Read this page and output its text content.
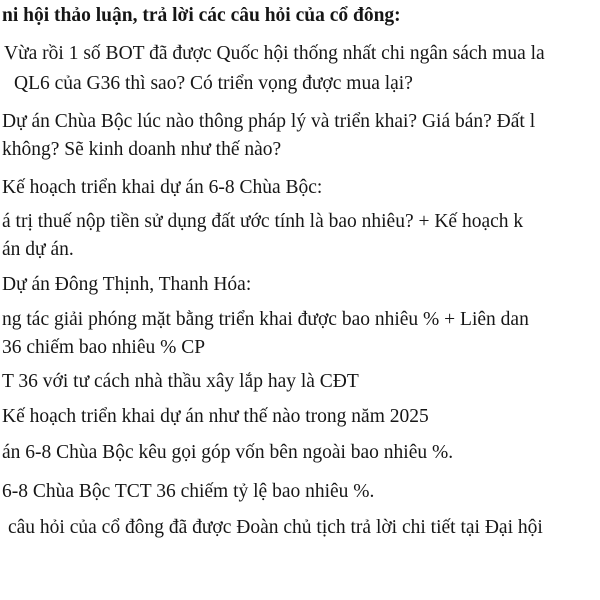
ni hội thảo luận, trả lời các câu hỏi của cổ đông:
Vừa rồi 1 số BOT đã được Quốc hội thống nhất chi ngân sách mua la
QL6 của G36 thì sao? Có triển vọng được mua lại?
Dự án Chùa Bộc lúc nào thông pháp lý và triển khai? Giá bán? Đất l
không? Sẽ kinh doanh như thế nào?
Kế hoạch triển khai dự án 6-8 Chùa Bộc:
á trị thuế nộp tiền sử dụng đất ước tính là bao nhiêu? + Kế hoạch k
án dự án.
Dự án Đông Thịnh, Thanh Hóa:
ng tác giải phóng mặt bằng triển khai được bao nhiêu % + Liên dan
36 chiếm bao nhiêu % CP
T 36 với tư cách nhà thầu xây lắp hay là CĐT
Kế hoạch triển khai dự án như thế nào trong năm 2025
án 6-8 Chùa Bộc kêu gọi góp vốn bên ngoài bao nhiêu %.
6-8 Chùa Bộc TCT 36 chiếm tỷ lệ bao nhiêu %.
câu hỏi của cổ đông đã được Đoàn chủ tịch trả lời chi tiết tại Đại hội
